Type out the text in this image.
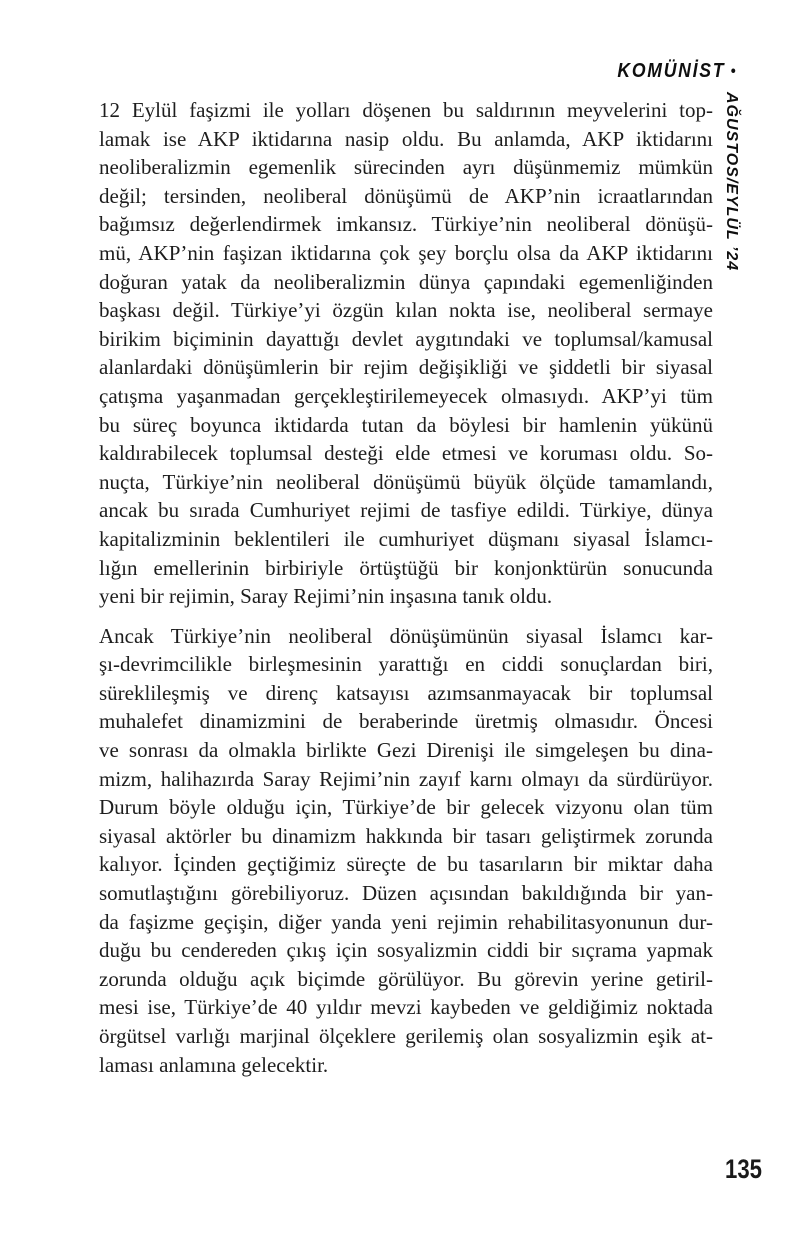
KOMÜNİST •
AĞUSTOS/EYLÜL ’24
12 Eylül faşizmi ile yolları döşenen bu saldırının meyvelerini top-
lamak ise AKP iktidarına nasip oldu. Bu anlamda, AKP iktidarını
neoliberalizmin egemenlik sürecinden ayrı düşünmemiz mümkün
değil; tersinden, neoliberal dönüşümü de AKP’nin icraatlarından
bağımsız değerlendirmek imkansız. Türkiye’nin neoliberal dönüşü-
mü, AKP’nin faşizan iktidarına çok şey borçlu olsa da AKP iktidarını
doğuran yatak da neoliberalizmin dünya çapındaki egemenliğinden
başkası değil. Türkiye’yi özgün kılan nokta ise, neoliberal sermaye
birikim biçiminin dayattığı devlet aygıtındaki ve toplumsal/kamusal
alanlardaki dönüşümlerin bir rejim değişikliği ve şiddetli bir siyasal
çatışma yaşanmadan gerçekleştirilemeyecek olmasıydı. AKP’yi tüm
bu süreç boyunca iktidarda tutan da böylesi bir hamlenin yükünü
kaldırabilecek toplumsal desteği elde etmesi ve koruması oldu. So-
nuçta, Türkiye’nin neoliberal dönüşümü büyük ölçüde tamamlandı,
ancak bu sırada Cumhuriyet rejimi de tasfiye edildi. Türkiye, dünya
kapitalizminin beklentileri ile cumhuriyet düşmanı siyasal İslamcı-
lığın emellerinin birbiriyle örtüştüğü bir konjonktürün sonucunda
yeni bir rejimin, Saray Rejimi’nin inşasına tanık oldu.
Ancak Türkiye’nin neoliberal dönüşümünün siyasal İslamcı kar-
şı-devrimcilikle birleşmesinin yarattığı en ciddi sonuçlardan biri,
süreklileşmiş ve direnç katsayısı azımsanmayacak bir toplumsal
muhalefet dinamizmini de beraberinde üretmiş olmasıdır. Öncesi
ve sonrası da olmakla birlikte Gezi Direnişi ile simgeleşen bu dina-
mizm, halihazırda Saray Rejimi’nin zayıf karnı olmayı da sürdürüyor.
Durum böyle olduğu için, Türkiye’de bir gelecek vizyonu olan tüm
siyasal aktörler bu dinamizm hakkında bir tasarı geliştirmek zorunda
kalıyor. İçinden geçtiğimiz süreçte de bu tasarıların bir miktar daha
somutlaştığını görebiliyoruz. Düzen açısından bakıldığında bir yan-
da faşizme geçişin, diğer yanda yeni rejimin rehabilitasyonunun dur-
duğu bu cendereden çıkış için sosyalizmin ciddi bir sıçrama yapmak
zorunda olduğu açık biçimde görülüyor. Bu görevin yerine getiril-
mesi ise, Türkiye’de 40 yıldır mevzi kaybeden ve geldiğimiz noktada
örgütsel varlığı marjinal ölçeklere gerilemiş olan sosyalizmin eşik at-
laması anlamına gelecektir.
135
